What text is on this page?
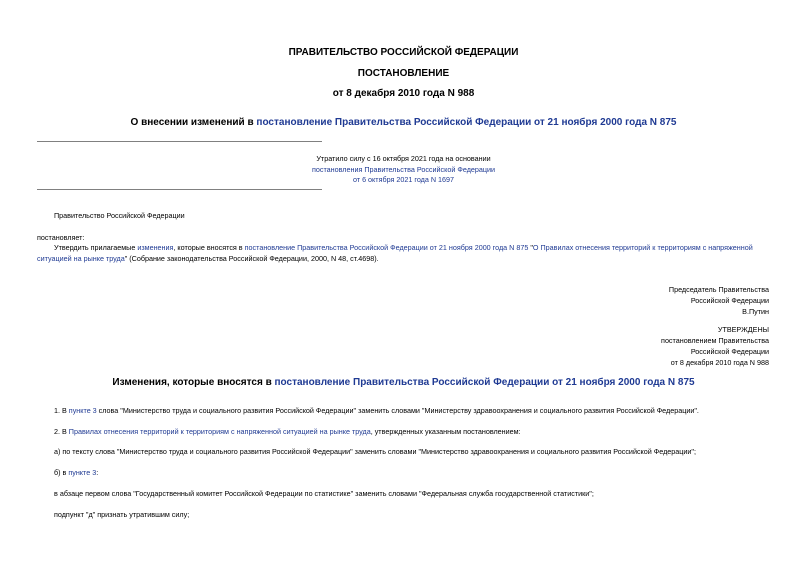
ПРАВИТЕЛЬСТВО РОССИЙСКОЙ ФЕДЕРАЦИИ
ПОСТАНОВЛЕНИЕ
от 8 декабря 2010 года N 988
О внесении изменений в постановление Правительства Российской Федерации от 21 ноября 2000 года N 875
Утратило силу с 16 октября 2021 года на основании
постановления Правительства Российской Федерации
от 6 октября 2021 года N 1697
Правительство Российской Федерации
постановляет:
Утвердить прилагаемые изменения, которые вносятся в постановление Правительства Российской Федерации от 21 ноября 2000 года N 875 "О Правилах отнесения территорий к территориям с напряженной
ситуацией на рынке труда" (Собрание законодательства Российской Федерации, 2000, N 48, ст.4698).
Председатель Правительства
Российской Федерации
В.Путин
УТВЕРЖДЕНЫ
постановлением Правительства
Российской Федерации
от 8 декабря 2010 года N 988
Изменения, которые вносятся в постановление Правительства Российской Федерации от 21 ноября 2000 года N 875
1. В пункте 3 слова "Министерство труда и социального развития Российской Федерации" заменить словами "Министерству здравоохранения и социального развития Российской Федерации".
2. В Правилах отнесения территорий к территориям с напряженной ситуацией на рынке труда, утвержденных указанным постановлением:
а) по тексту слова "Министерство труда и социального развития Российской Федерации" заменить словами "Министерство здравоохранения и социального развития Российской Федерации";
б) в пункте 3:
в абзаце первом слова "Государственный комитет Российской Федерации по статистике" заменить словами "Федеральная служба государственной статистики";
подпункт "д" признать утратившим силу;
